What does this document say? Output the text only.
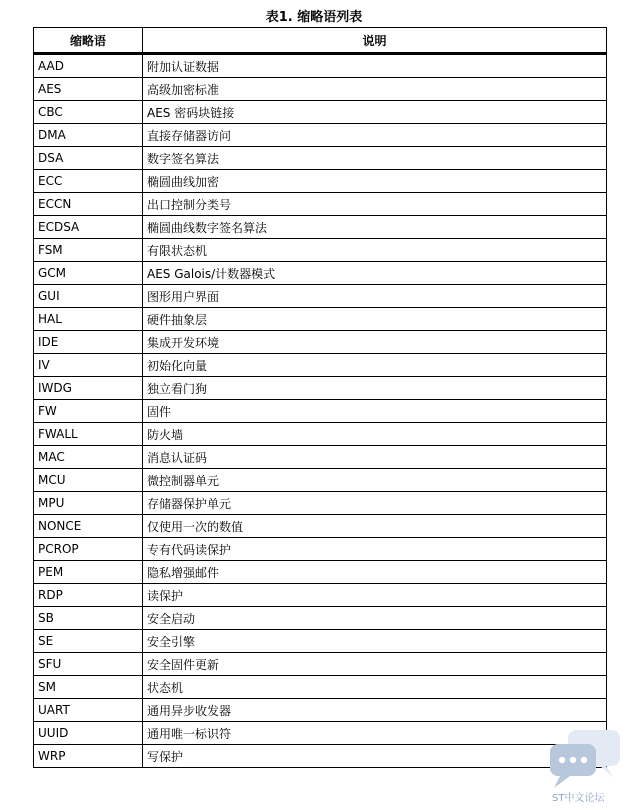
表1. 缩略语列表
缩略语	说明
AAD	附加认证数据
AES	高级加密标准
CBC	AES 密码块链接
DMA	直接存储器访问
DSA	数字签名算法
ECC	椭圆曲线加密
ECCN	出口控制分类号
ECDSA	椭圆曲线数字签名算法
FSM	有限状态机
GCM	AES Galois/计数器模式
GUI	图形用户界面
HAL	硬件抽象层
IDE	集成开发环境
IV	初始化向量
IWDG	独立看门狗
FW	固件
FWALL	防火墙
MAC	消息认证码
MCU	微控制器单元
MPU	存储器保护单元
NONCE	仅使用一次的数值
PCROP	专有代码读保护
PEM	隐私增强邮件
RDP	读保护
SB	安全启动
SE	安全引擎
SFU	安全固件更新
SM	状态机
UART	通用异步收发器
UUID	通用唯一标识符
WRP	写保护
ST中文论坛
